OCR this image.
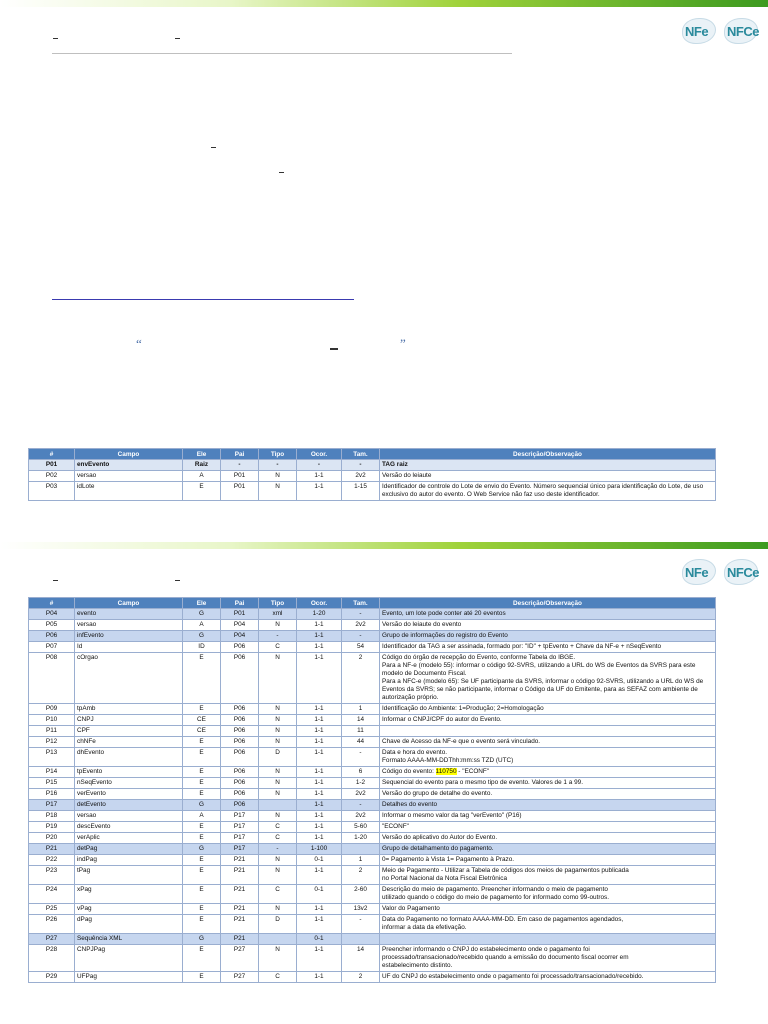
NFe NFCe
“	”
#	Campo	Ele	Pai	Tipo	Ocor.	Tam.	Descrição/Observação
P01	envEvento	Raiz	-	-	-	-	TAG raiz
P02	versao	A	P01	N	1-1	2v2	Versão do leiaute
P03	idLote	E	P01	N	1-1	1-15	Identificador de controle do Lote de envio do Evento. Número sequencial único para identificação do Lote, de uso exclusivo do autor do evento. O Web Service não faz uso deste identificador.
NFe NFCe
#	Campo	Ele	Pai	Tipo	Ocor.	Tam.	Descrição/Observação
P04	evento	G	P01	xml	1-20	-	Evento, um lote pode conter até 20 eventos
P05	versao	A	P04	N	1-1	2v2	Versão do leiaute do evento
P06	infEvento	G	P04	-	1-1	-	Grupo de informações do registro do Evento
P07	Id	ID	P06	C	1-1	54	Identificador da TAG a ser assinada, formado por: "ID" + tpEvento + Chave da NF-e + nSeqEvento
P08	cOrgao	E	P06	N	1-1	2	Código do órgão de recepção do Evento, conforme Tabela do IBGE.
Para a NF-e (modelo 55): informar o código 92-SVRS, utilizando a URL do WS de Eventos da SVRS para este modelo de Documento Fiscal.
Para a NFC-e (modelo 65): Se UF participante da SVRS, informar o código 92-SVRS, utilizando a URL do WS de Eventos da SVRS; se não participante, informar o Código da UF do Emitente, para as SEFAZ com ambiente de autorização próprio.
P09	tpAmb	E	P06	N	1-1	1	Identificação do Ambiente: 1=Produção; 2=Homologação
P10	CNPJ	CE	P06	N	1-1	14	Informar o CNPJ/CPF do autor do Evento.
P11	CPF	CE	P06	N	1-1	11	
P12	chNFe	E	P06	N	1-1	44	Chave de Acesso da NF-e que o evento será vinculado.
P13	dhEvento	E	P06	D	1-1	-	Data e hora do evento.
Formato AAAA-MM-DDThh:mm:ss TZD (UTC)
P14	tpEvento	E	P06	N	1-1	6	Código do evento: 110750 - "ECONF"
P15	nSeqEvento	E	P06	N	1-1	1-2	Sequencial do evento para o mesmo tipo de evento. Valores de 1 a 99.
P16	verEvento	E	P06	N	1-1	2v2	Versão do grupo de detalhe do evento.
P17	detEvento	G	P06		1-1	-	Detalhes do evento
P18	versao	A	P17	N	1-1	2v2	Informar o mesmo valor da tag "verEvento" (P16)
P19	descEvento	E	P17	C	1-1	5-60	"ECONF"
P20	verAplic	E	P17	C	1-1	1-20	Versão do aplicativo do Autor do Evento.
P21	detPag	G	P17	-	1-100		Grupo de detalhamento do pagamento.
P22	indPag	E	P21	N	0-1	1	0= Pagamento à Vista 1= Pagamento à Prazo.
P23	tPag	E	P21	N	1-1	2	Meio de Pagamento - Utilizar a Tabela de códigos dos meios de pagamentos publicada
no Portal Nacional da Nota Fiscal Eletrônica
P24	xPag	E	P21	C	0-1	2-60	Descrição do meio de pagamento. Preencher informando o meio de pagamento
utilizado quando o código do meio de pagamento for informado como 99-outros.
P25	vPag	E	P21	N	1-1	13v2	Valor do Pagamento
P26	dPag	E	P21	D	1-1	-	Data do Pagamento no formato AAAA-MM-DD. Em caso de pagamentos agendados,
informar a data da efetivação.
P27	Sequência XML	G	P21		0-1		
P28	CNPJPag	E	P27	N	1-1	14	Preencher informando o CNPJ do estabelecimento onde o pagamento foi
processado/transacionado/recebido quando a emissão do documento fiscal ocorrer em
estabelecimento distinto.
P29	UFPag	E	P27	C	1-1	2	UF do CNPJ do estabelecimento onde o pagamento foi processado/transacionado/recebido.
